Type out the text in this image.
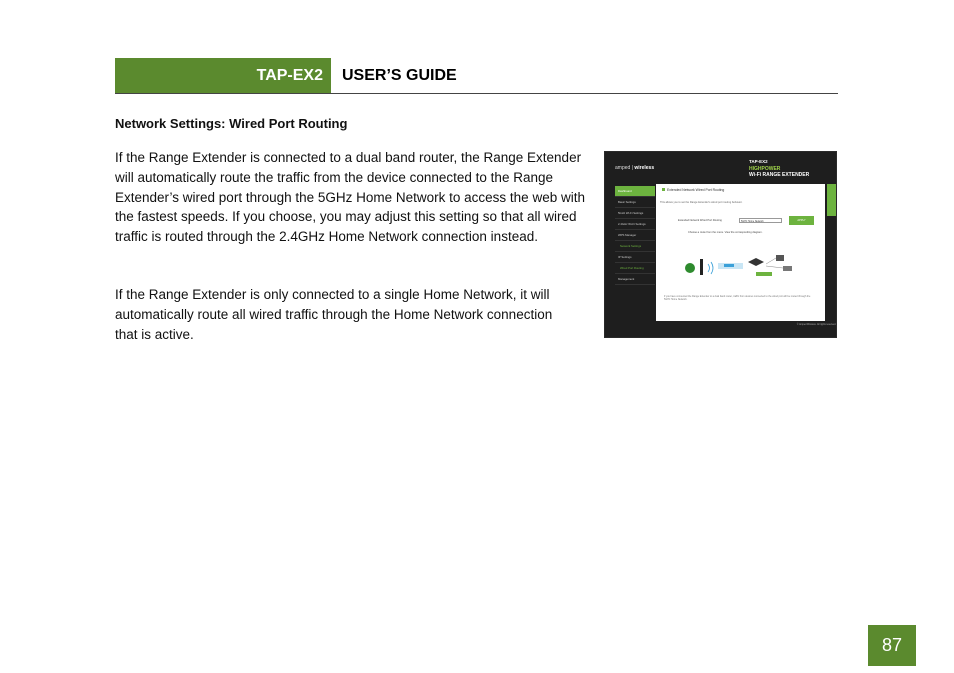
TAP-EX2 USER’S GUIDE
Network Settings: Wired Port Routing

If the Range Extender is connected to a dual band router, the Range Extender will automatically route the traffic from the device connected to the Range Extender’s wired port through the 5GHz Home Network to access the web with the fastest speeds. If you choose, you may adjust this setting so that all wired traffic is routed through the 2.4GHz Home Network connection instead.

If the Range Extender is only connected to a single Home Network, it will automatically route all wired traffic through the Home Network connection that is active.

amped | wireless
TAP-EX2
HIGHPOWER
Wi-Fi RANGE EXTENDER
Dashboard
Basic Settings
5GHz Wi-Fi Settings
2.4GHz Wi-Fi Settings
WPS Manager
Network Settings
IP Settings
Wired Port Routing
Management
Extended Network Wired Port Routing
This allows you to set the Range Extender's wired port routing behavior.
Extended Network Wired Port Routing	5GHz Home Network	APPLY
Choose a route from the menu. View the corresponding diagram.
If you have connected the Range Extender to a dual band router, traffic from devices connected to the wired port will be routed through the 5GHz Home Network.
© Amped Wireless. All rights reserved.
87
